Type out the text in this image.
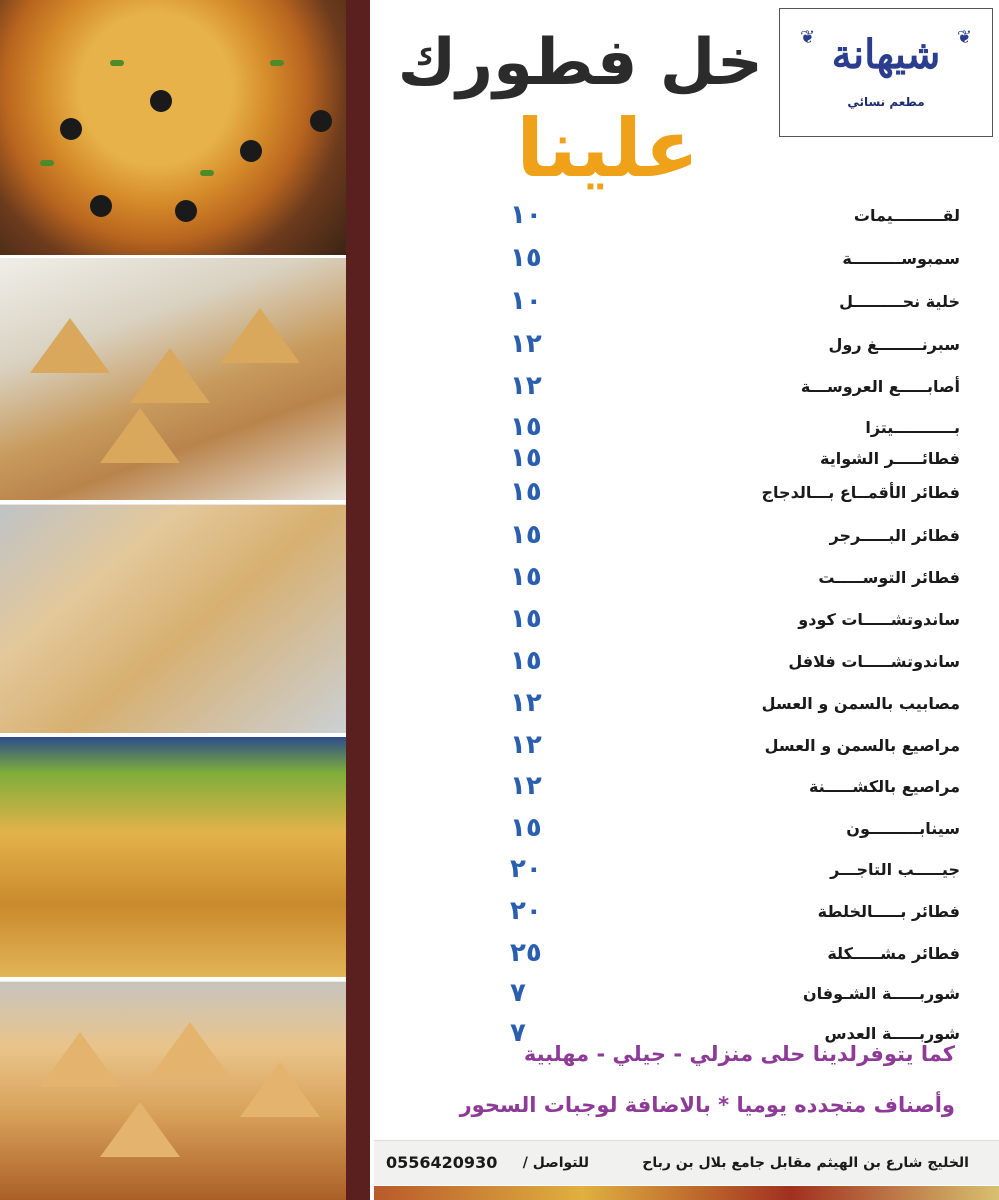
❦	❦
شيهانة
مطعم نسائي
خل فطورك
علينا
لقـــــــــيمات
١٠
سمبوســـــــــة
١٥
خلية نحـــــــــل
١٠
سبرنــــــــغ رول
١٢
أصابـــــع العروســـة
١٢
بـــــــــــيتزا
١٥
فطائـــــر الشواية
١٥
فطائر الأقمــاع بـــالدجاج
١٥
فطائر البـــــرجر
١٥
فطائر التوســـــت
١٥
ساندوتشـــــات كودو
١٥
ساندوتشـــــات فلافل
١٥
مصابيب بالسمن و العسل
١٢
مراصيع بالسمن و العسل
١٢
مراصيع بالكشـــــنة
١٢
سينابـــــــــون
١٥
جيـــــب التاجـــر
٢٠
فطائر بـــــالخلطة
٢٠
فطائر مشـــــكلة
٢٥
شوربـــــة الشـوفان
٧
شوربـــــة العدس
٧
كما يتوفرلدينا حلى منزلي - جيلي - مهلبية
وأصناف متجدده يوميا * بالاضافة لوجبات السحور
الخليج شارع بن الهيثم مقابل جامع بلال بن رباح
للتواصل /
0556420930
